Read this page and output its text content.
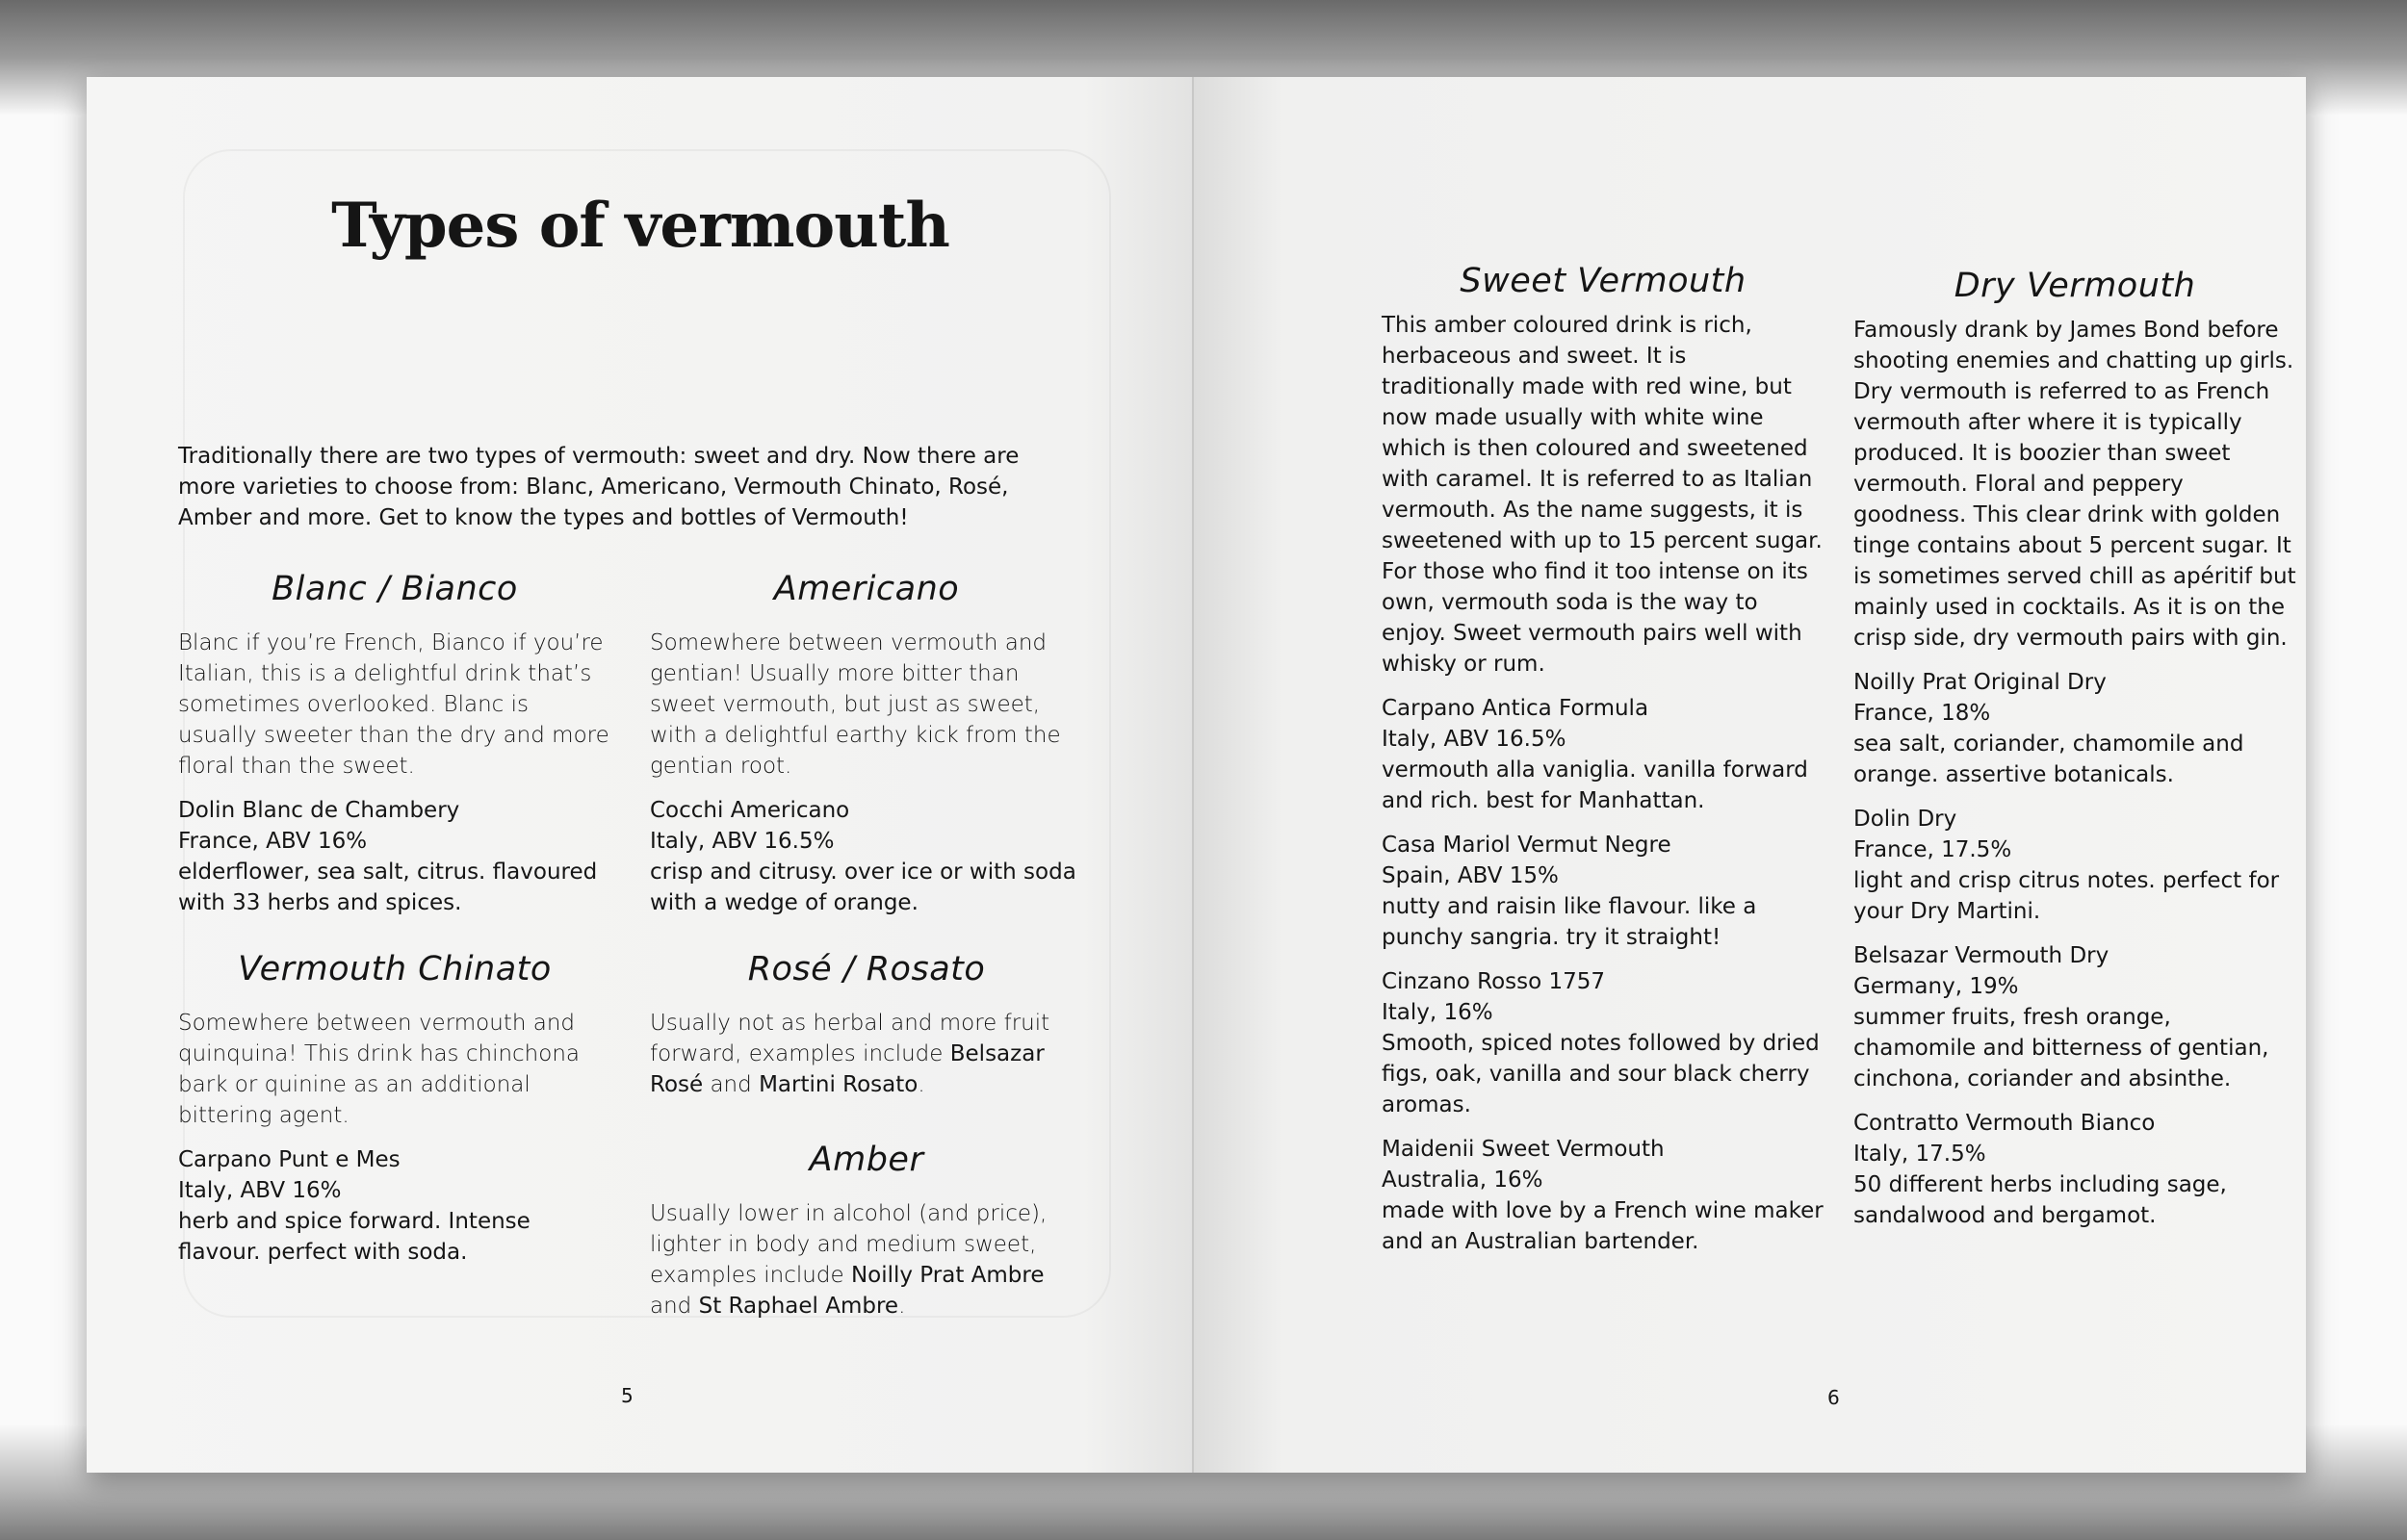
Types of vermouth

Traditionally there are two types of vermouth: sweet and dry. Now there are more varieties to choose from: Blanc, Americano, Vermouth Chinato, Rosé, Amber and more. Get to know the types and bottles of Vermouth!

Blanc / Bianco

Blanc if you’re French, Bianco if you’re Italian, this is a delightful drink that’s sometimes overlooked. Blanc is usually sweeter than the dry and more floral than the sweet.

Dolin Blanc de Chambery
France, ABV 16%
elderflower, sea salt, citrus. flavoured with 33 herbs and spices.
Americano

Somewhere between vermouth and gentian! Usually more bitter than sweet vermouth, but just as sweet, with a delightful earthy kick from the gentian root.

Cocchi Americano
Italy, ABV 16.5%
crisp and citrusy. over ice or with soda with a wedge of orange.
Vermouth Chinato

Somewhere between vermouth and quinquina! This drink has chinchona bark or quinine as an additional bittering agent.

Carpano Punt e Mes
Italy, ABV 16%
herb and spice forward. Intense flavour. perfect with soda.
Rosé / Rosato

Usually not as herbal and more fruit forward, examples include Belsazar Rosé and Martini Rosato.

Amber

Usually lower in alcohol (and price), lighter in body and medium sweet, examples include Noilly Prat Ambre and St Raphael Ambre.

5
Sweet Vermouth

This amber coloured drink is rich, herbaceous and sweet. It is traditionally made with red wine, but now made usually with white wine which is then coloured and sweetened with caramel. It is referred to as Italian vermouth. As the name suggests, it is sweetened with up to 15 percent sugar. For those who find it too intense on its own, vermouth soda is the way to enjoy. Sweet vermouth pairs well with whisky or rum.

Carpano Antica Formula
Italy, ABV 16.5%
vermouth alla vaniglia. vanilla forward and rich. best for Manhattan.
Casa Mariol Vermut Negre
Spain, ABV 15%
nutty and raisin like flavour. like a punchy sangria. try it straight!
Cinzano Rosso 1757
Italy, 16%
Smooth, spiced notes followed by dried figs, oak, vanilla and sour black cherry aromas.
Maidenii Sweet Vermouth
Australia, 16%
made with love by a French wine maker and an Australian bartender.
Dry Vermouth

Famously drank by James Bond before shooting enemies and chatting up girls. Dry vermouth is referred to as French vermouth after where it is typically produced. It is boozier than sweet vermouth. Floral and peppery goodness. This clear drink with golden tinge contains about 5 percent sugar. It is sometimes served chill as apéritif but mainly used in cocktails. As it is on the crisp side, dry vermouth pairs with gin.

Noilly Prat Original Dry
France, 18%
sea salt, coriander, chamomile and orange. assertive botanicals.
Dolin Dry
France, 17.5%
light and crisp citrus notes. perfect for your Dry Martini.
Belsazar Vermouth Dry
Germany, 19%
summer fruits, fresh orange, chamomile and bitterness of gentian, cinchona, coriander and absinthe.
Contratto Vermouth Bianco
Italy, 17.5%
50 different herbs including sage, sandalwood and bergamot.
6
